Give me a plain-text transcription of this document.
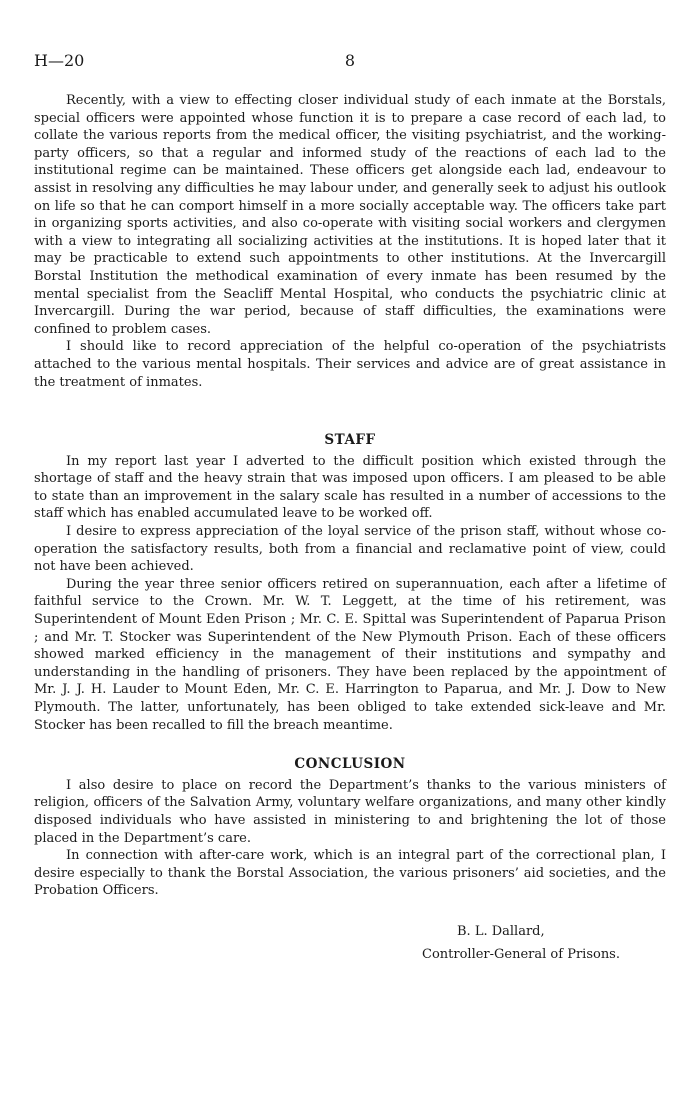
H—20	8

Recently, with a view to effecting closer individual study of each inmate at the Borstals, special officers were appointed whose function it is to prepare a case record of each lad, to collate the various reports from the medical officer, the visiting psychiatrist, and the working-party officers, so that a regular and informed study of the reactions of each lad to the institutional regime can be maintained. These officers get alongside each lad, endeavour to assist in resolving any difficulties he may labour under, and generally seek to adjust his outlook on life so that he can comport himself in a more socially acceptable way. The officers take part in organizing sports activities, and also co-operate with visiting social workers and clergymen with a view to integrating all socializing activities at the institutions. It is hoped later that it may be practicable to extend such appointments to other institutions. At the Invercargill Borstal Institution the methodical examination of every inmate has been resumed by the mental specialist from the Seacliff Mental Hospital, who conducts the psychiatric clinic at Invercargill. During the war period, because of staff difficulties, the examinations were confined to problem cases.

I should like to record appreciation of the helpful co-operation of the psychiatrists attached to the various mental hospitals. Their services and advice are of great assistance in the treatment of inmates.

STAFF

In my report last year I adverted to the difficult position which existed through the shortage of staff and the heavy strain that was imposed upon officers. I am pleased to be able to state than an improvement in the salary scale has resulted in a number of accessions to the staff which has enabled accumulated leave to be worked off.

I desire to express appreciation of the loyal service of the prison staff, without whose co-operation the satisfactory results, both from a financial and reclamative point of view, could not have been achieved.

During the year three senior officers retired on superannuation, each after a lifetime of faithful service to the Crown. Mr. W. T. Leggett, at the time of his retirement, was Superintendent of Mount Eden Prison ; Mr. C. E. Spittal was Superintendent of Paparua Prison ; and Mr. T. Stocker was Superintendent of the New Plymouth Prison. Each of these officers showed marked efficiency in the management of their institutions and sympathy and understanding in the handling of prisoners. They have been replaced by the appointment of Mr. J. J. H. Lauder to Mount Eden, Mr. C. E. Harrington to Paparua, and Mr. J. Dow to New Plymouth. The latter, unfortunately, has been obliged to take extended sick-leave and Mr. Stocker has been recalled to fill the breach meantime.

CONCLUSION

I also desire to place on record the Department’s thanks to the various ministers of religion, officers of the Salvation Army, voluntary welfare organizations, and many other kindly disposed individuals who have assisted in ministering to and brightening the lot of those placed in the Department’s care.

In connection with after-care work, which is an integral part of the correctional plan, I desire especially to thank the Borstal Association, the various prisoners’ aid societies, and the Probation Officers.

B. L. Dallard,
Controller-General of Prisons.
